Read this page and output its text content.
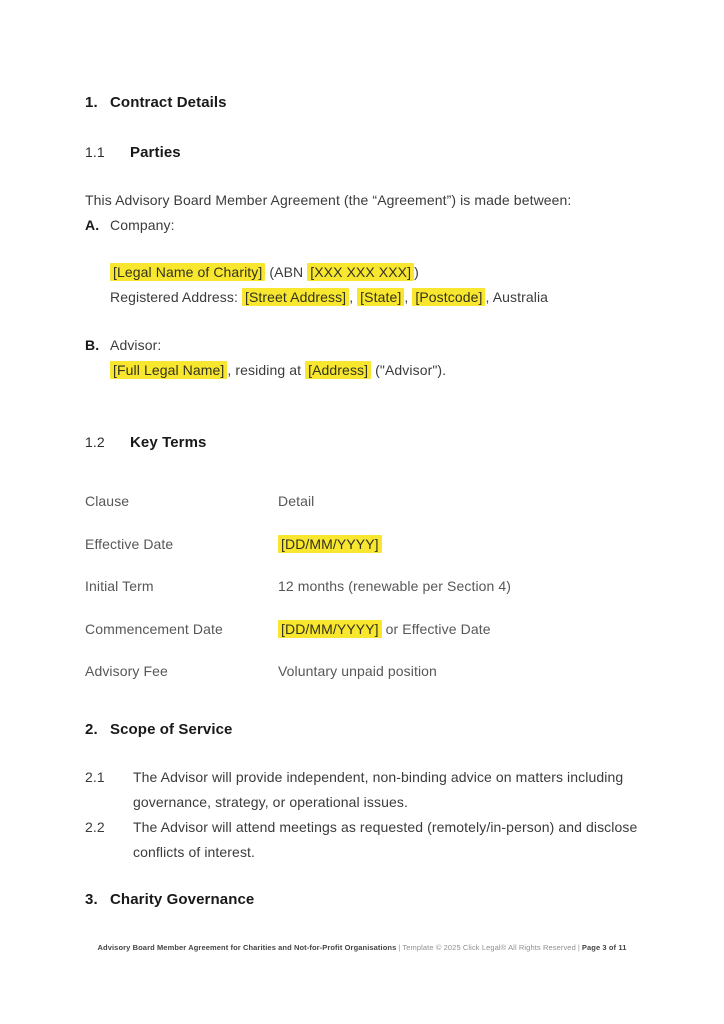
1. Contract Details
1.1	Parties
This Advisory Board Member Agreement (the “Agreement”) is made between:
A. Company:
[Legal Name of Charity] (ABN [XXX XXX XXX] )
Registered Address: [Street Address] , [State] , [Postcode] , Australia
B. Advisor:
[Full Legal Name] , residing at [Address] ("Advisor").
1.2	Key Terms
Clause	Detail
Effective Date	[DD/MM/YYYY]
Initial Term	12 months (renewable per Section 4)
Commencement Date	[DD/MM/YYYY] or Effective Date
Advisory Fee	Voluntary unpaid position
2. Scope of Service
2.1	The Advisor will provide independent, non-binding advice on matters including governance, strategy, or operational issues.
2.2	The Advisor will attend meetings as requested (remotely/in-person) and disclose conflicts of interest.
3. Charity Governance
Advisory Board Member Agreement for Charities and Not-for-Profit Organisations | Template © 2025 Click Legal® All Rights Reserved | Page 3 of 11
